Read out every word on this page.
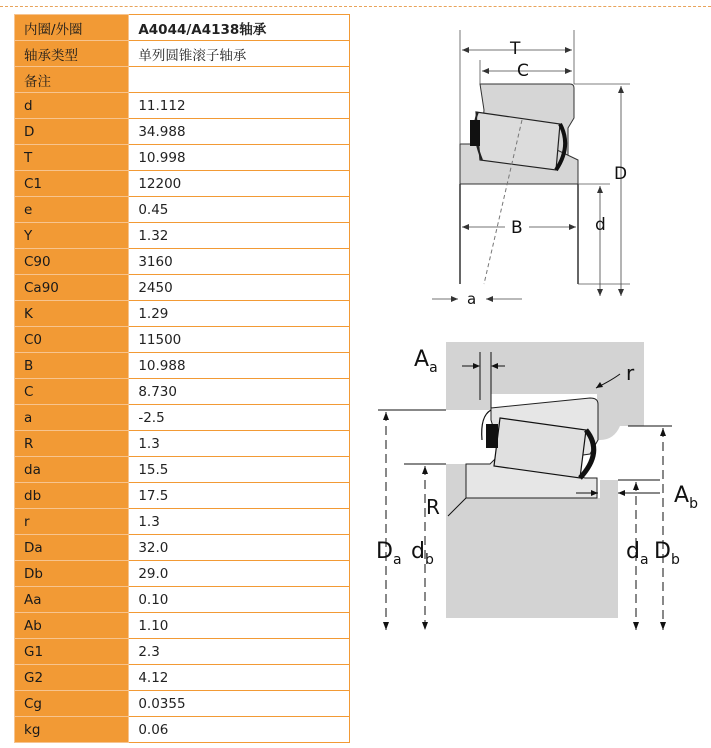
内圈/外圈	A4044/A4138轴承
轴承类型	单列圆锥滚子轴承
备注	
d	11.112
D	34.988
T	10.998
C1	12200
e	0.45
Y	1.32
C90	3160
Ca90	2450
K	1.29
C0	11500
B	10.988
C	8.730
a	-2.5
R	1.3
da	15.5
db	17.5
r	1.3
Da	32.0
Db	29.0
Aa	0.10
Ab	1.10
G1	2.3
G2	4.12
Cg	0.0355
kg	0.06
T
C
D
d
B
a
$A_a$	r
R	$A_b$
$D_a$ $d_b$	$d_a$ $D_b$
